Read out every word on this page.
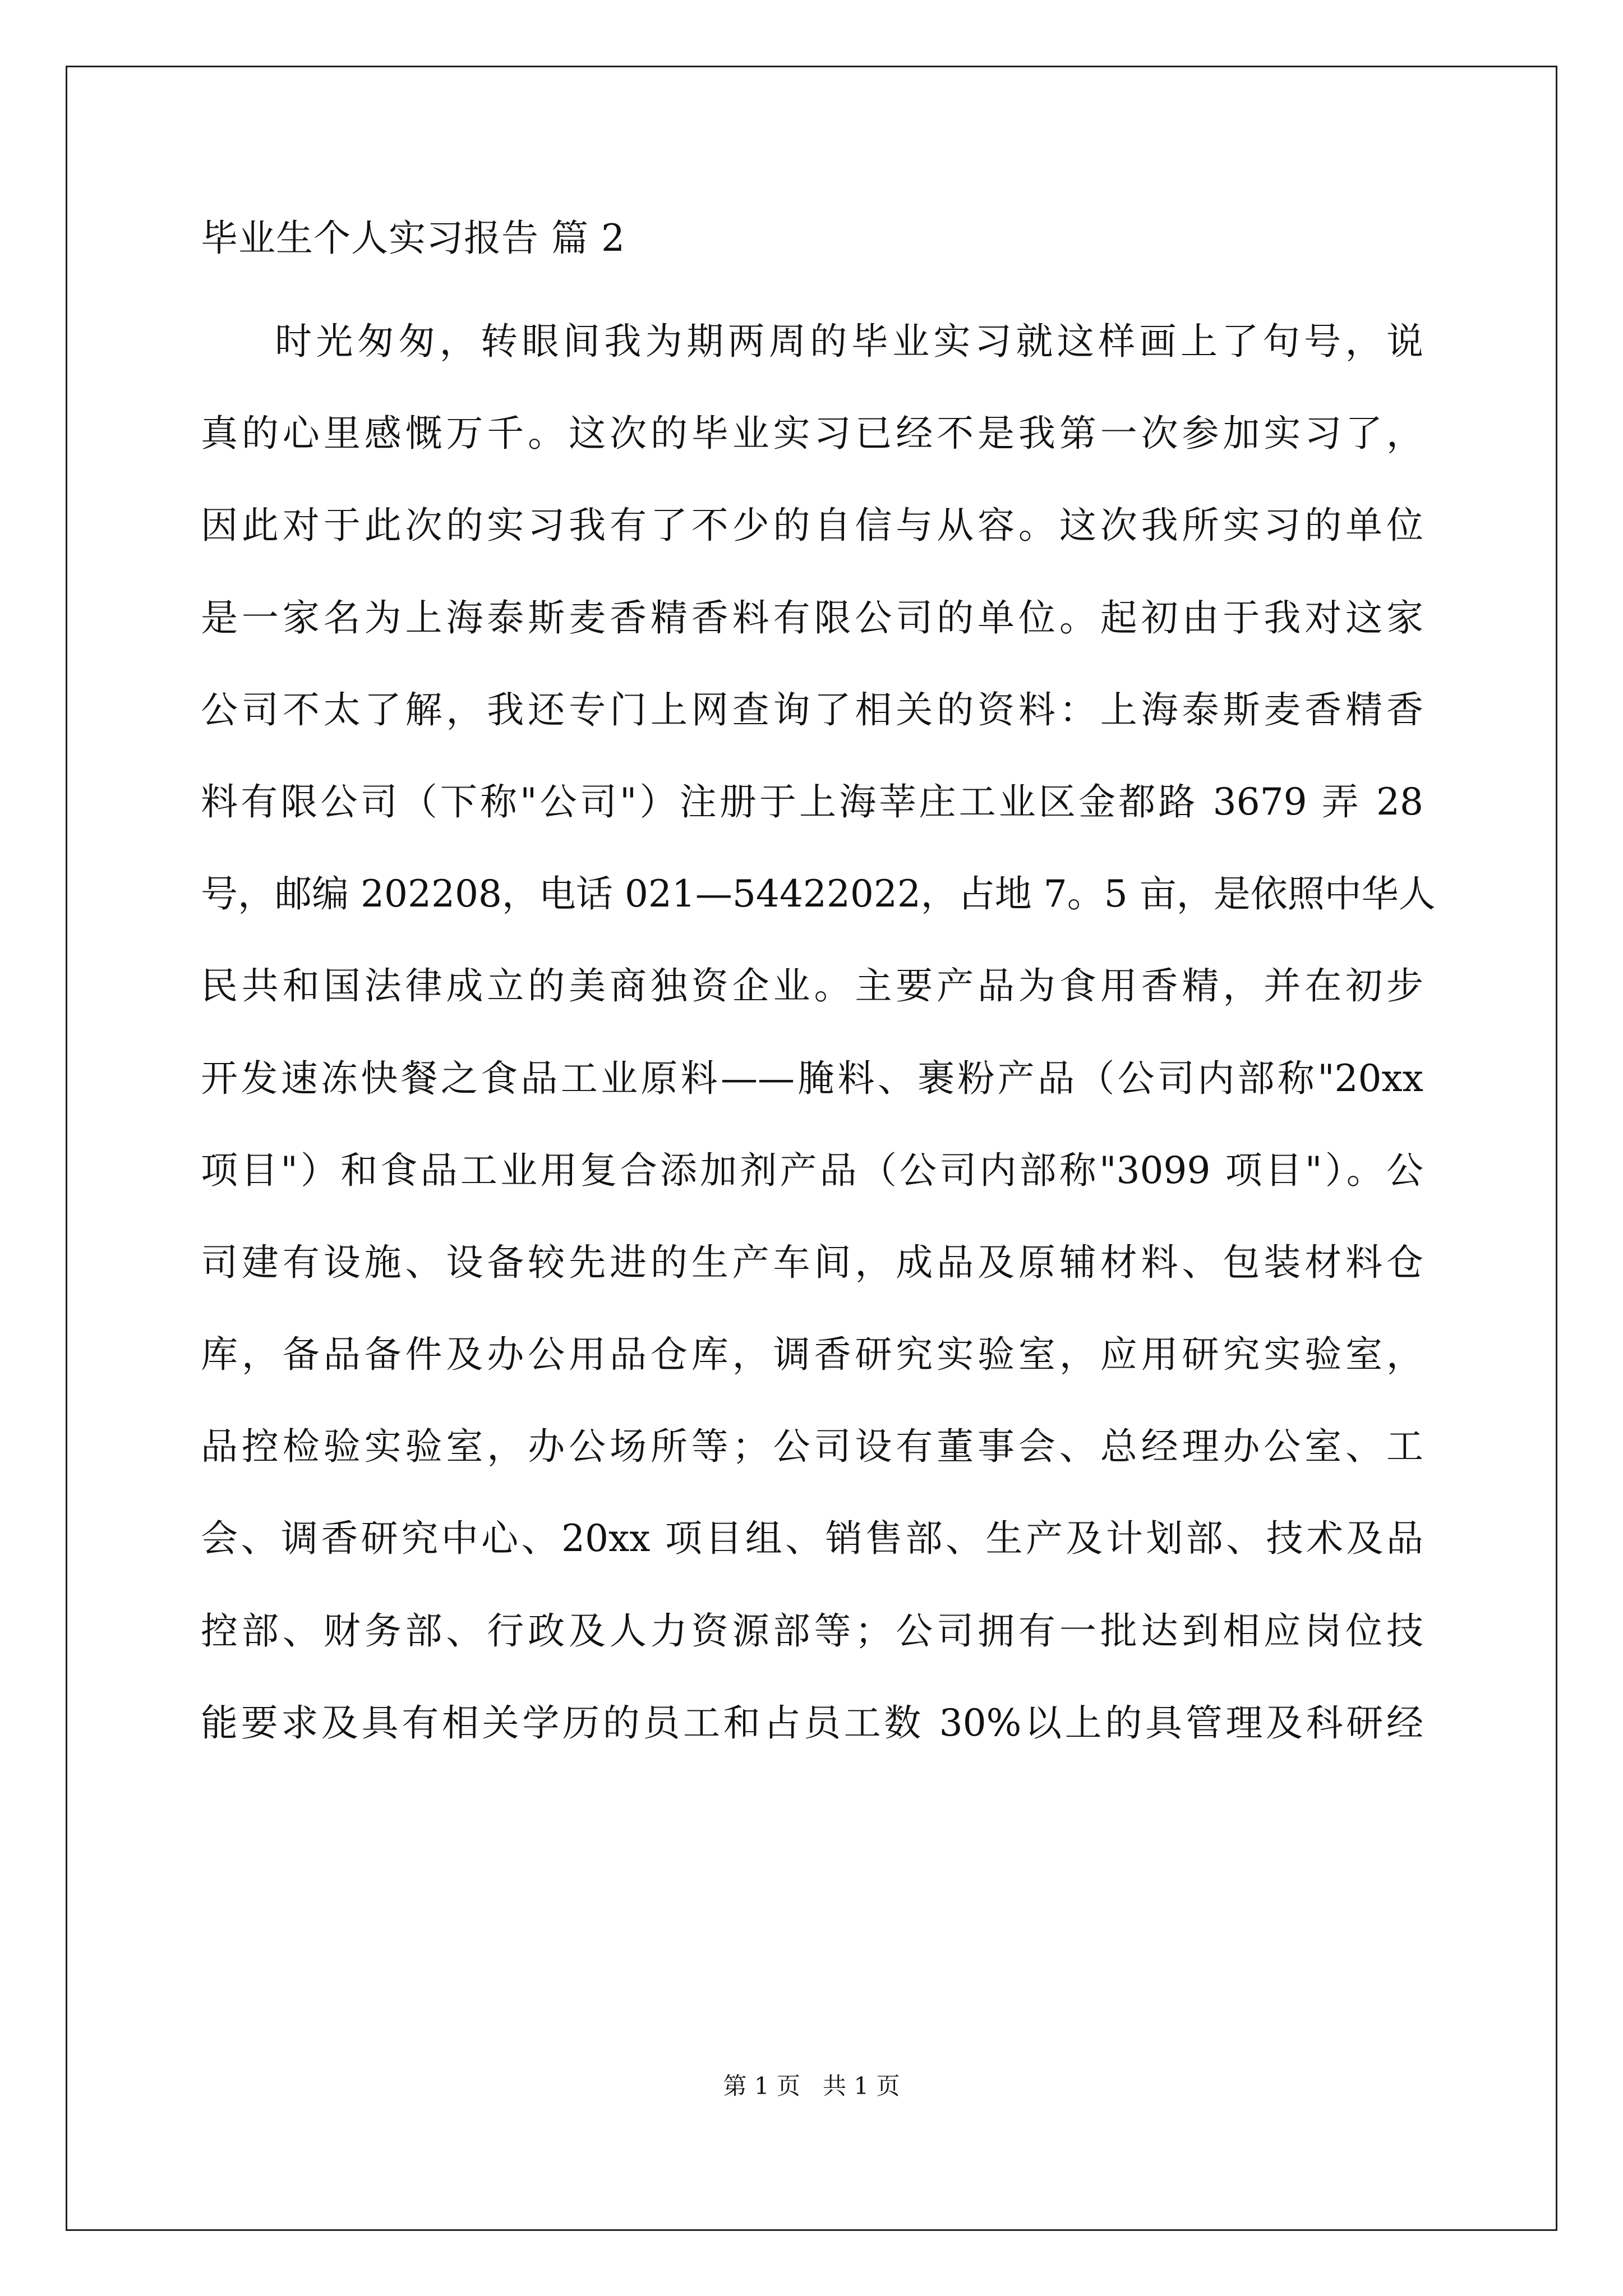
毕业生个人实习报告 篇 2
时光匆匆，转眼间我为期两周的毕业实习就这样画上了句号，说
真的心里感慨万千。这次的毕业实习已经不是我第一次参加实习了，
因此对于此次的实习我有了不少的自信与从容。这次我所实习的单位
是一家名为上海泰斯麦香精香料有限公司的单位。起初由于我对这家
公司不太了解，我还专门上网查询了相关的资料：上海泰斯麦香精香
料有限公司（下称"公司"）注册于上海莘庄工业区金都路 3679 弄 28
号，邮编 202208，电话 021—54422022，占地 7。5 亩，是依照中华人
民共和国法律成立的美商独资企业。主要产品为食用香精，并在初步
开发速冻快餐之食品工业原料——腌料、裹粉产品（公司内部称"20xx
项目"）和食品工业用复合添加剂产品（公司内部称"3099 项目"）。公
司建有设施、设备较先进的生产车间，成品及原辅材料、包装材料仓
库，备品备件及办公用品仓库，调香研究实验室，应用研究实验室，
品控检验实验室，办公场所等；公司设有董事会、总经理办公室、工
会、调香研究中心、20xx 项目组、销售部、生产及计划部、技术及品
控部、财务部、行政及人力资源部等；公司拥有一批达到相应岗位技
能要求及具有相关学历的员工和占员工数 30%以上的具管理及科研经
第 1 页   共 1 页
